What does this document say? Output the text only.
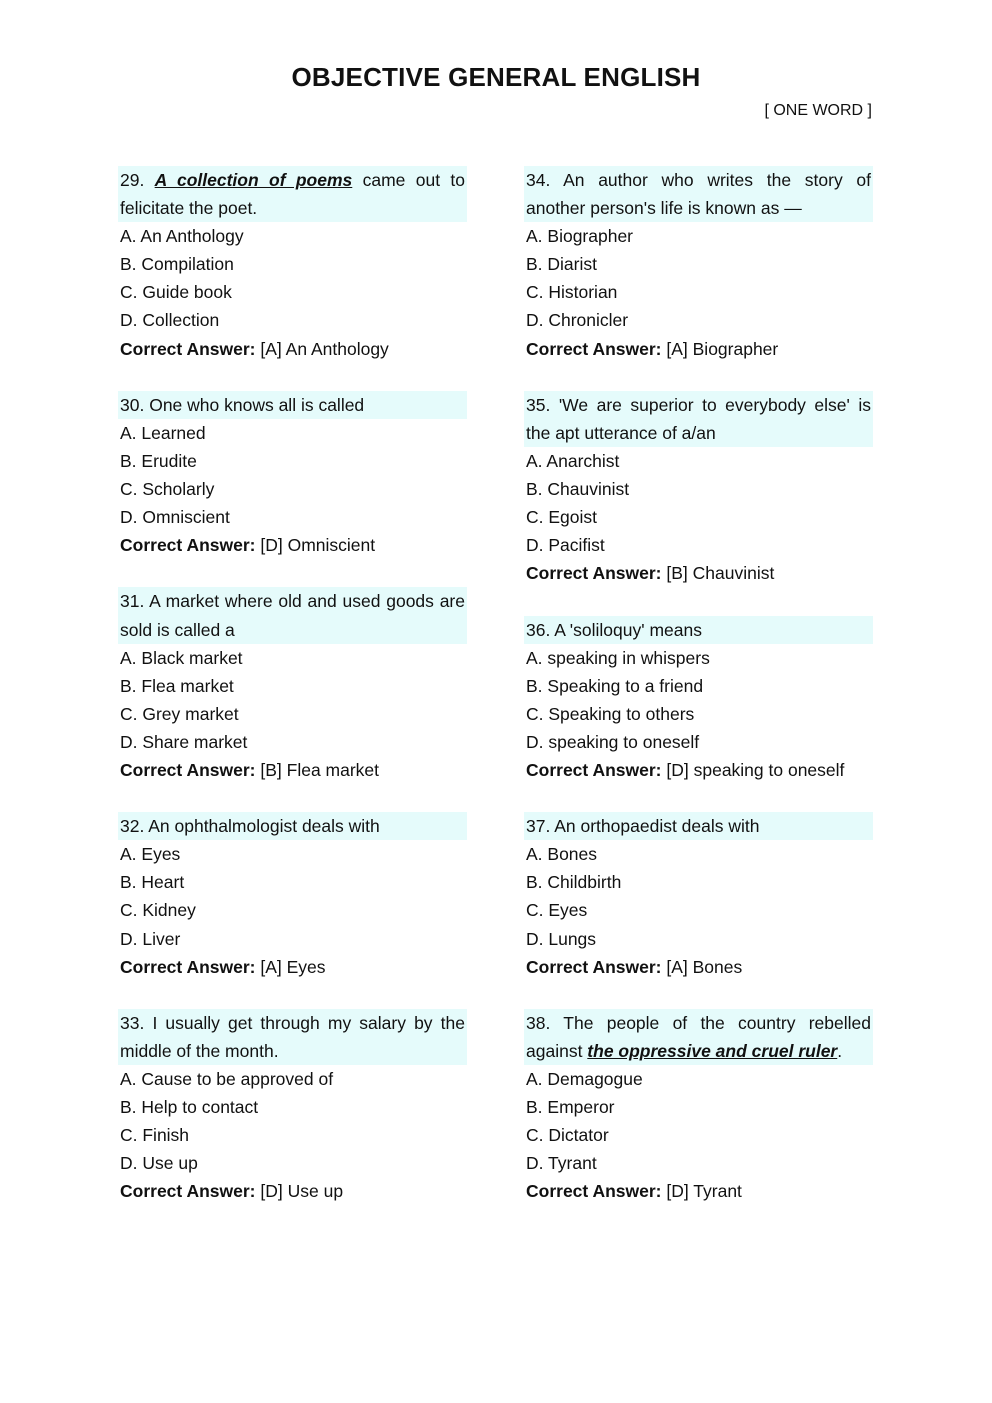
OBJECTIVE GENERAL ENGLISH
[ ONE WORD ]
29. A collection of poems came out to felicitate the poet.
A. An Anthology
B. Compilation
C. Guide book
D. Collection
Correct Answer: [A] An Anthology
30. One who knows all is called
A. Learned
B. Erudite
C. Scholarly
D. Omniscient
Correct Answer: [D] Omniscient
31. A market where old and used goods are sold is called a
A. Black market
B. Flea market
C. Grey market
D. Share market
Correct Answer: [B] Flea market
32. An ophthalmologist deals with
A. Eyes
B. Heart
C. Kidney
D. Liver
Correct Answer: [A] Eyes
33. I usually get through my salary by the middle of the month.
A. Cause to be approved of
B. Help to contact
C. Finish
D. Use up
Correct Answer: [D] Use up
34. An author who writes the story of another person's life is known as —
A. Biographer
B. Diarist
C. Historian
D. Chronicler
Correct Answer: [A] Biographer
35. 'We are superior to everybody else' is the apt utterance of a/an
A. Anarchist
B. Chauvinist
C. Egoist
D. Pacifist
Correct Answer: [B] Chauvinist
36. A 'soliloquy' means
A. speaking in whispers
B. Speaking to a friend
C. Speaking to others
D. speaking to oneself
Correct Answer: [D] speaking to oneself
37. An orthopaedist deals with
A. Bones
B. Childbirth
C. Eyes
D. Lungs
Correct Answer: [A] Bones
38. The people of the country rebelled against the oppressive and cruel ruler.
A. Demagogue
B. Emperor
C. Dictator
D. Tyrant
Correct Answer: [D] Tyrant
